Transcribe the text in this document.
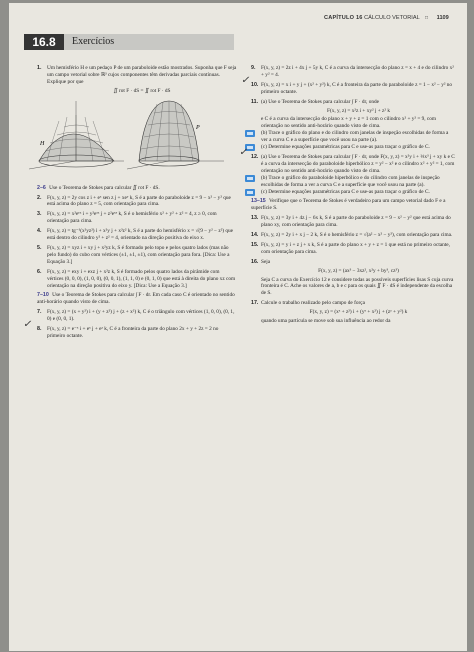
CAPÍTULO 16 CÁLCULO VETORIAL □ 1109
16.8	Exercícios
1. Um hemisfério H e um pedaço P de um paraboloide estão mostrados. Suponha que F seja um campo vetorial sobre ℝ³ cujos componentes têm derivadas parciais contínuas. Explique por que
∬ rot F · dS = ∬ rot F · dS
H
P
2–6 Use o Teorema de Stokes para calcular ∬ rot F · dS.
2. F(x, y, z) = 2y cos z i + eˣ sen z j + xeʸ k, S é a parte do paraboloide z = 9 − x² − y² que está acima do plano z = 5, com orientação para cima.
3. F(x, y, z) = x²eʸᶻ i + y²eˣᶻ j + z²eˣʸ k, S é o hemisfério x² + y² + z² = 4, z ≥ 0, com orientação para cima.
4. F(x, y, z) = tg⁻¹(x²yz²) i + x²y j + x²z² k, S é a parte do hemisfério x = √(9 − y² − z²) que está dentro do cilindro y² + z² = 4, orientado na direção positiva do eixo x.
5. F(x, y, z) = xyz i + xy j + x²yz k, S é formado pelo topo e pelos quatro lados (mas não pelo fundo) do cubo com vértices (±1, ±1, ±1), com orientação para fora. [Dica: Use a Equação 3.]
6. F(x, y, z) = exy i + exz j + x²z k, S é formado pelos quatro lados da pirâmide com vértices (0, 0, 0), (1, 0, 0), (0, 0, 1), (1, 1, 0) e (0, 1, 0) que está à direita do plano xz com orientação na direção positiva do eixo y. [Dica: Use a Equação 3.]
7–10 Use o Teorema de Stokes para calcular ∫ F · dr. Em cada caso C é orientado no sentido anti-horário quando visto de cima.
7. F(x, y, z) = (x + y²) i + (y + z²) j + (z + x²) k, C é o triângulo com vértices (1, 0, 0), (0, 1, 0) e (0, 0, 1).
8. F(x, y, z) = e⁻ˣ i + eˣ j + eᶻ k, C é a fronteira da parte do plano 2x + y + 2z = 2 no primeiro octante.
✓
9. F(x, y, z) = 2z i + 4x j + 5y k, C é a curva da intersecção do plano z = x + 4 e do cilindro x² + y² = 4.
10. F(x, y, z) = x i + y j + (x² + y²) k, C é a fronteira da parte do paraboloide z = 1 − x² − y² no primeiro octante.
✓
11. (a) Use o Teorema de Stokes para calcular ∫ F · dr, onde
F(x, y, z) = x²z i + xy² j + z² k
e C é a curva da intersecção do plano x + y + z = 1 com o cilindro x² + y² = 9, com orientação no sentido anti-horário quando visto de cima.
(b) Trace o gráfico do plano e do cilindro com janelas de inspeção escolhidas de forma a ver a curva C e a superfície que você usou na parte (a).
(c) Determine equações paramétricas para C e use-as para traçar o gráfico de C.
12.
✓	(a) Use o Teorema de Stokes para calcular ∫ F · dr, onde F(x, y, z) = x²y i + ⅓x³ j + xy k e C é a curva da intersecção do paraboloide hiperbólico z = y² − x² e o cilindro x² + y² = 1, com orientação no sentido anti-horário quando visto de cima.
(b) Trace o gráfico do paraboloide hiperbólico e do cilindro com janelas de inspeção escolhidas de forma a ver a curva C e a superfície que você usou na parte (a).
(c) Determine equações paramétricas para C e use-as para traçar o gráfico de C.
13–15 Verifique que o Teorema de Stokes é verdadeiro para um campo vetorial dado F e a superfície S.
13. F(x, y, z) = 3y i + 4z j − 6x k, S é a parte do paraboloide z = 9 − x² − y² que está acima do plano xy, com orientação para cima.
14. F(x, y, z) = 2y i + x j − 2 k, S é o hemisfério z = √(a² − x² − y²), com orientação para cima.
15. F(x, y, z) = y i + z j + x k, S é a parte do plano x + y + z = 1 que está no primeiro octante, com orientação para cima.
16. Seja
F(x, y, z) = (ax³ − 3xz², x²y + by³, cz³)
Seja C a curva do Exercício 12 e considere todas as possíveis superfícies lisas S cuja curva fronteira é C. Ache os valores de a, b e c para os quais ∬ F · dS é independente da escolha de S.
17. Calcule o trabalho realizado pelo campo de força
F(x, y, z) = (xˣ + z²) i + (yʸ + x²) j + (zᶻ + y²) k
quando uma partícula se move sob sua influência ao redor da
